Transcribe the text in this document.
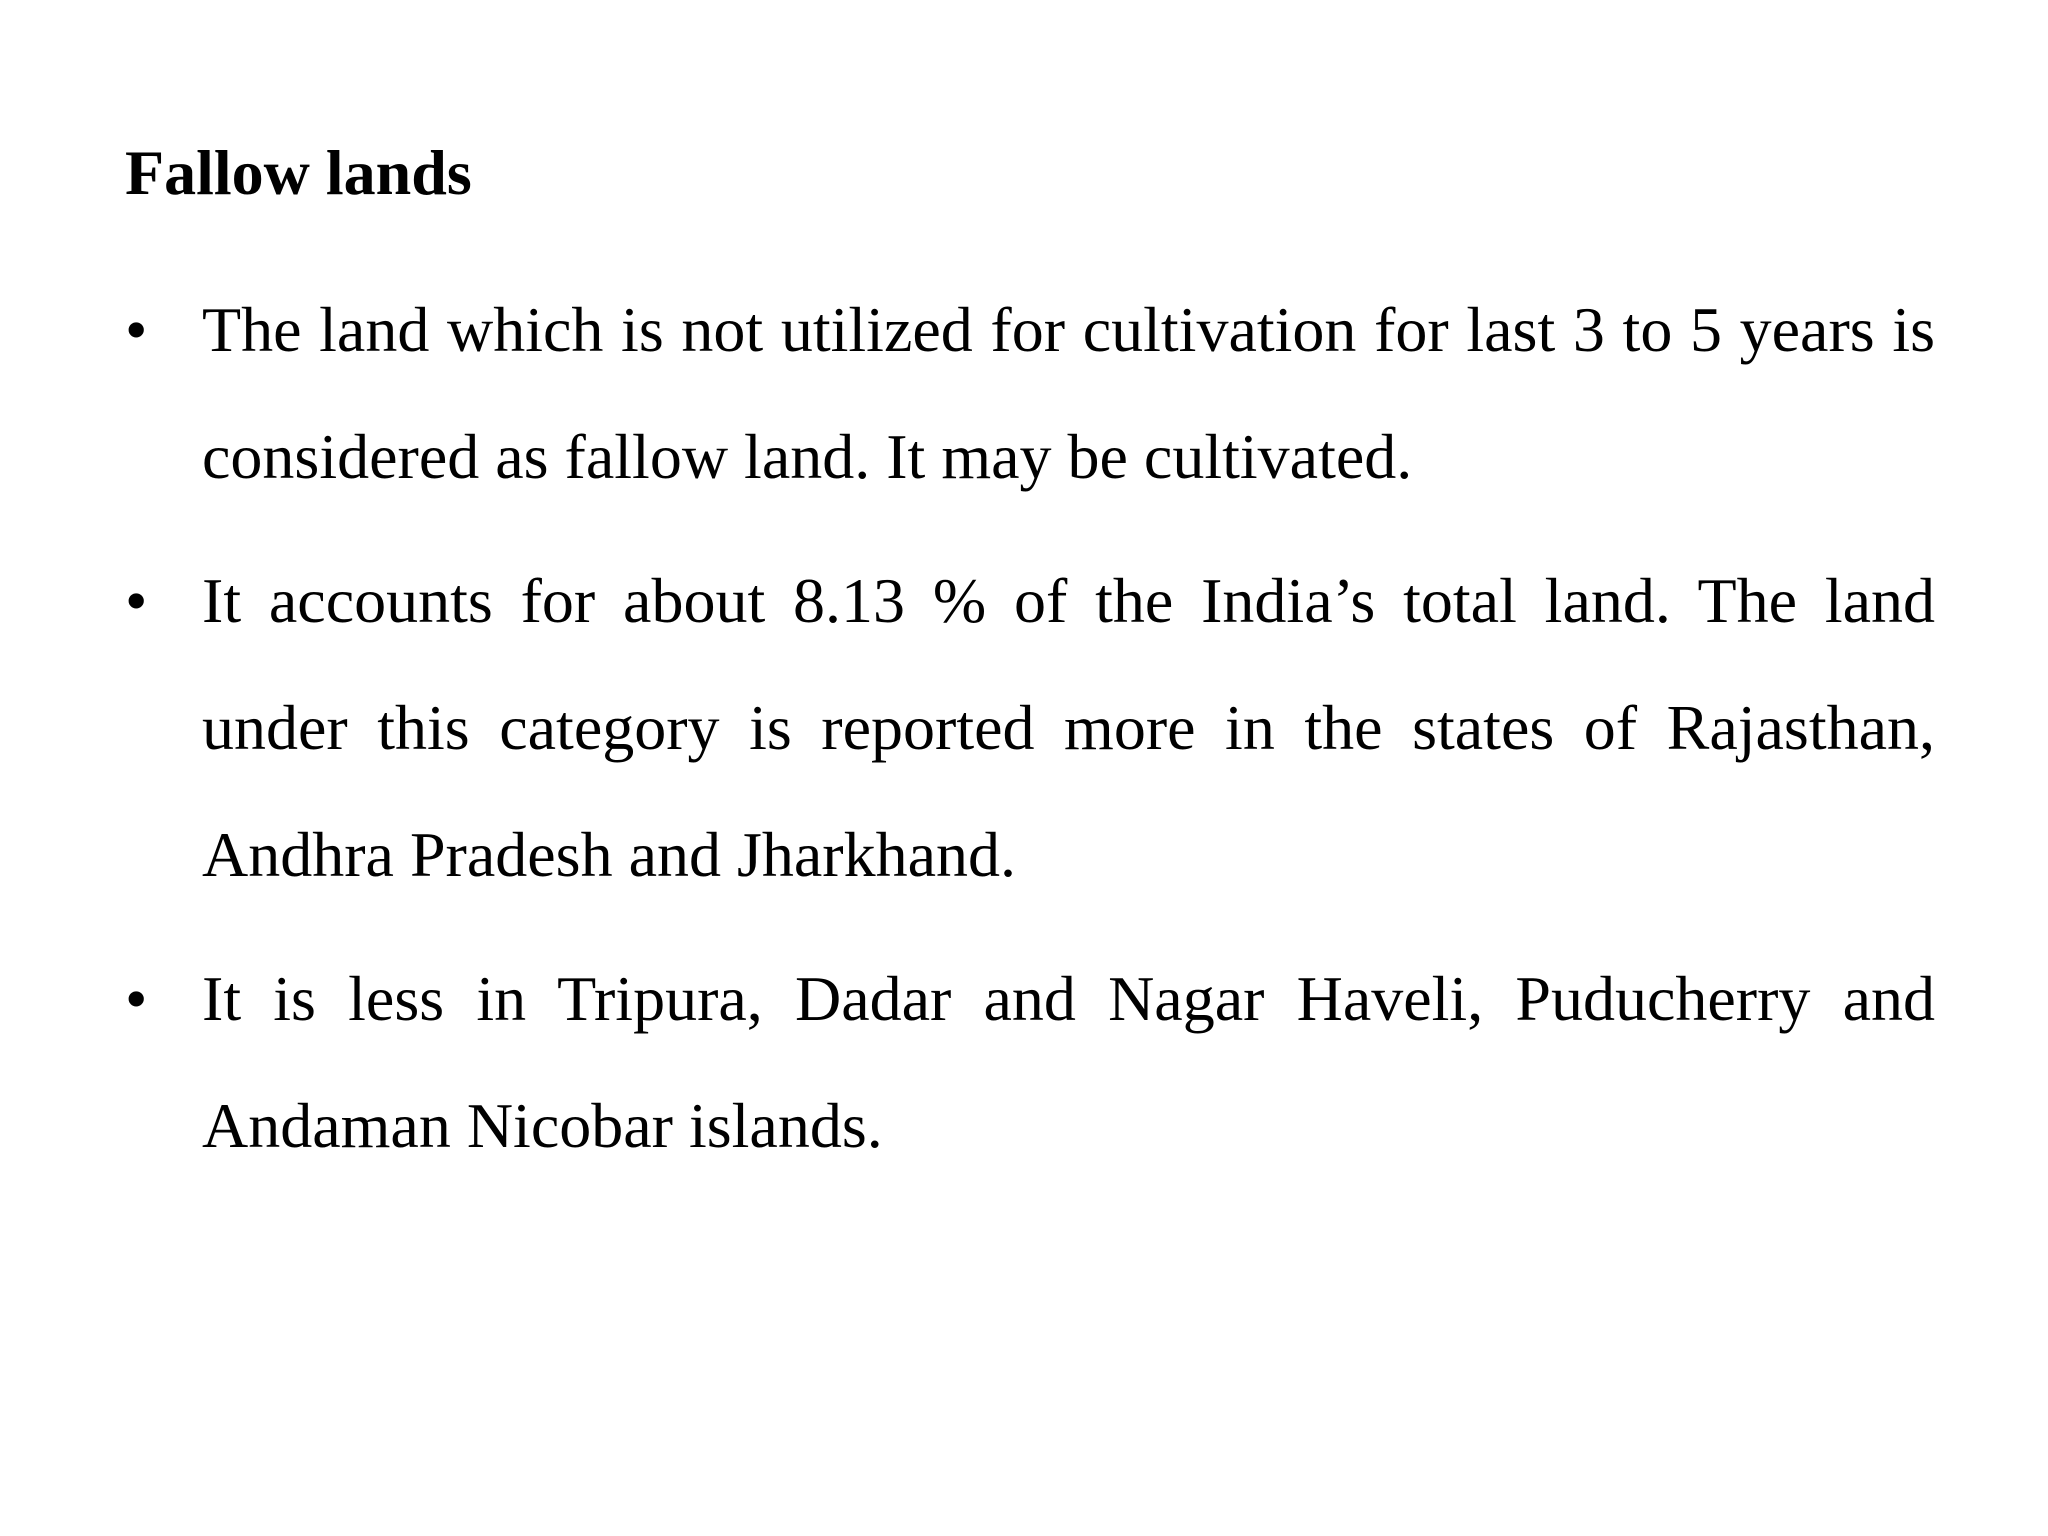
Fallow lands
• The land which is not utilized for cultivation for last 3 to 5 years is considered as fallow land. It may be cultivated.
• It accounts for about 8.13 % of the India’s total land. The land under this category is reported more in the states of Rajasthan, Andhra Pradesh and Jharkhand.
• It is less in Tripura, Dadar and Nagar Haveli, Puducherry and Andaman Nicobar islands.
